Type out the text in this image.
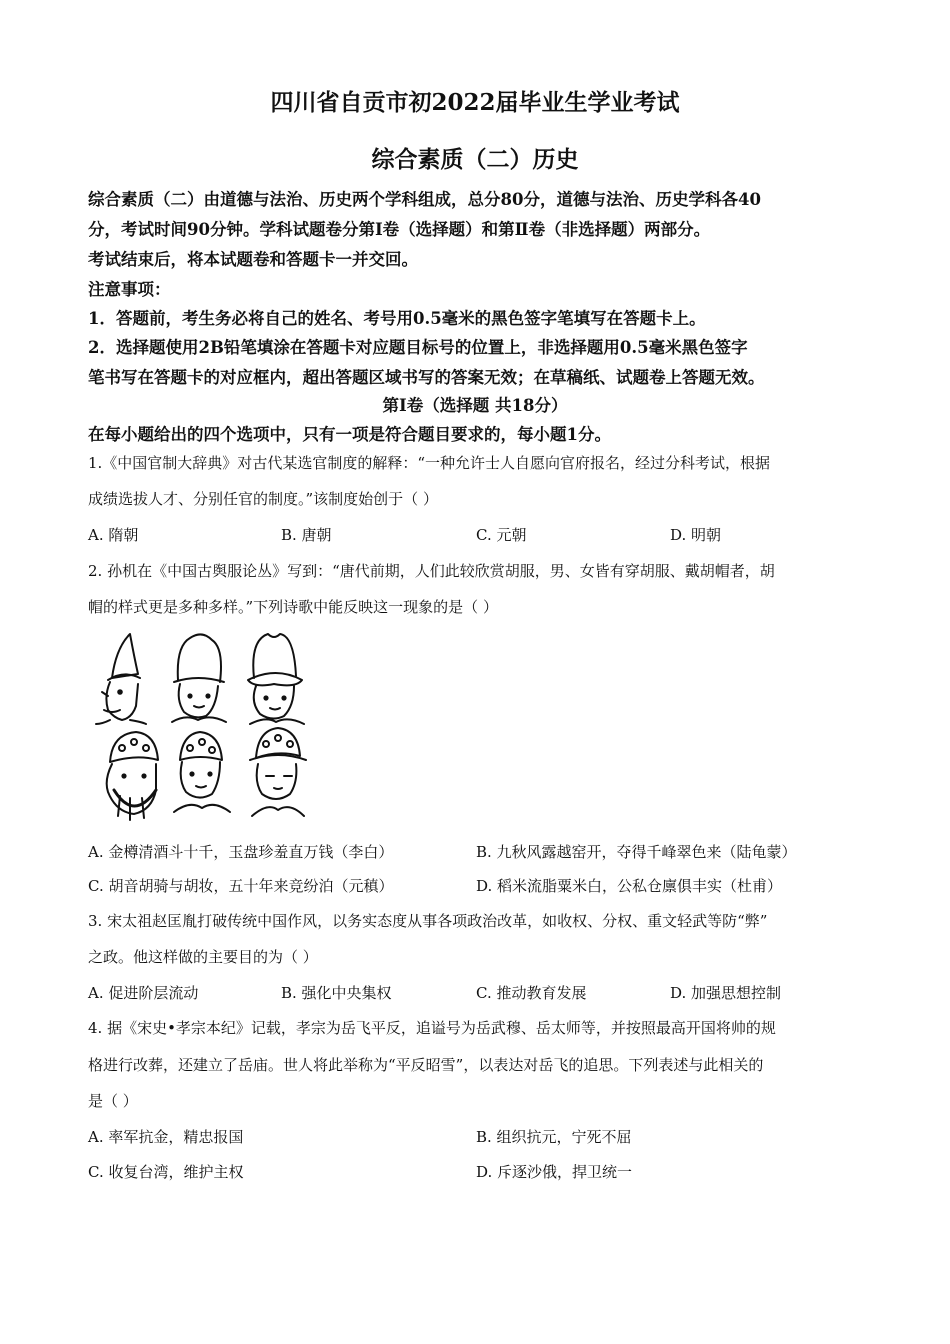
四川省自贡市初2022届毕业生学业考试
综合素质（二）历史
综合素质（二）由道德与法治、历史两个学科组成，总分80分，道德与法治、历史学科各40
分，考试时间90分钟。学科试题卷分第Ⅰ卷（选择题）和第Ⅱ卷（非选择题）两部分。
考试结束后，将本试题卷和答题卡一并交回。
注意事项：
1．答题前，考生务必将自己的姓名、考号用0.5毫米的黑色签字笔填写在答题卡上。
2．选择题使用2B铅笔填涂在答题卡对应题目标号的位置上，非选择题用0.5毫米黑色签字
笔书写在答题卡的对应框内，超出答题区域书写的答案无效；在草稿纸、试题卷上答题无效。
第Ⅰ卷（选择题 共18分）
在每小题给出的四个选项中，只有一项是符合题目要求的，每小题1分。
1.《中国官制大辞典》对古代某选官制度的解释：“一种允许士人自愿向官府报名，经过分科考试，根据
成绩选拔人才、分别任官的制度。”该制度始创于（ ）
A. 隋朝	B. 唐朝	C. 元朝	D. 明朝
2. 孙机在《中国古舆服论丛》写到：“唐代前期，人们此较欣赏胡服，男、女皆有穿胡服、戴胡帽者，胡
帽的样式更是多种多样。”下列诗歌中能反映这一现象的是（ ）
A. 金樽清酒斗十千，玉盘珍羞直万钱（李白）	B. 九秋风露越窑开，夺得千峰翠色来（陆龟蒙）
C. 胡音胡骑与胡妆，五十年来竞纷泊（元稹）	D. 稻米流脂粟米白，公私仓廪俱丰实（杜甫）
3. 宋太祖赵匡胤打破传统中国作风，以务实态度从事各项政治改革，如收权、分权、重文轻武等防“弊”
之政。他这样做的主要目的为（ ）
A. 促进阶层流动	B. 强化中央集权	C. 推动教育发展	D. 加强思想控制
4. 据《宋史•孝宗本纪》记载，孝宗为岳飞平反，追谥号为岳武穆、岳太师等，并按照最高开国将帅的规
格进行改葬，还建立了岳庙。世人将此举称为“平反昭雪”，以表达对岳飞的追思。下列表述与此相关的
是（ ）
A. 率军抗金，精忠报国	B. 组织抗元，宁死不屈
C. 收复台湾，维护主权	D. 斥逐沙俄，捍卫统一
